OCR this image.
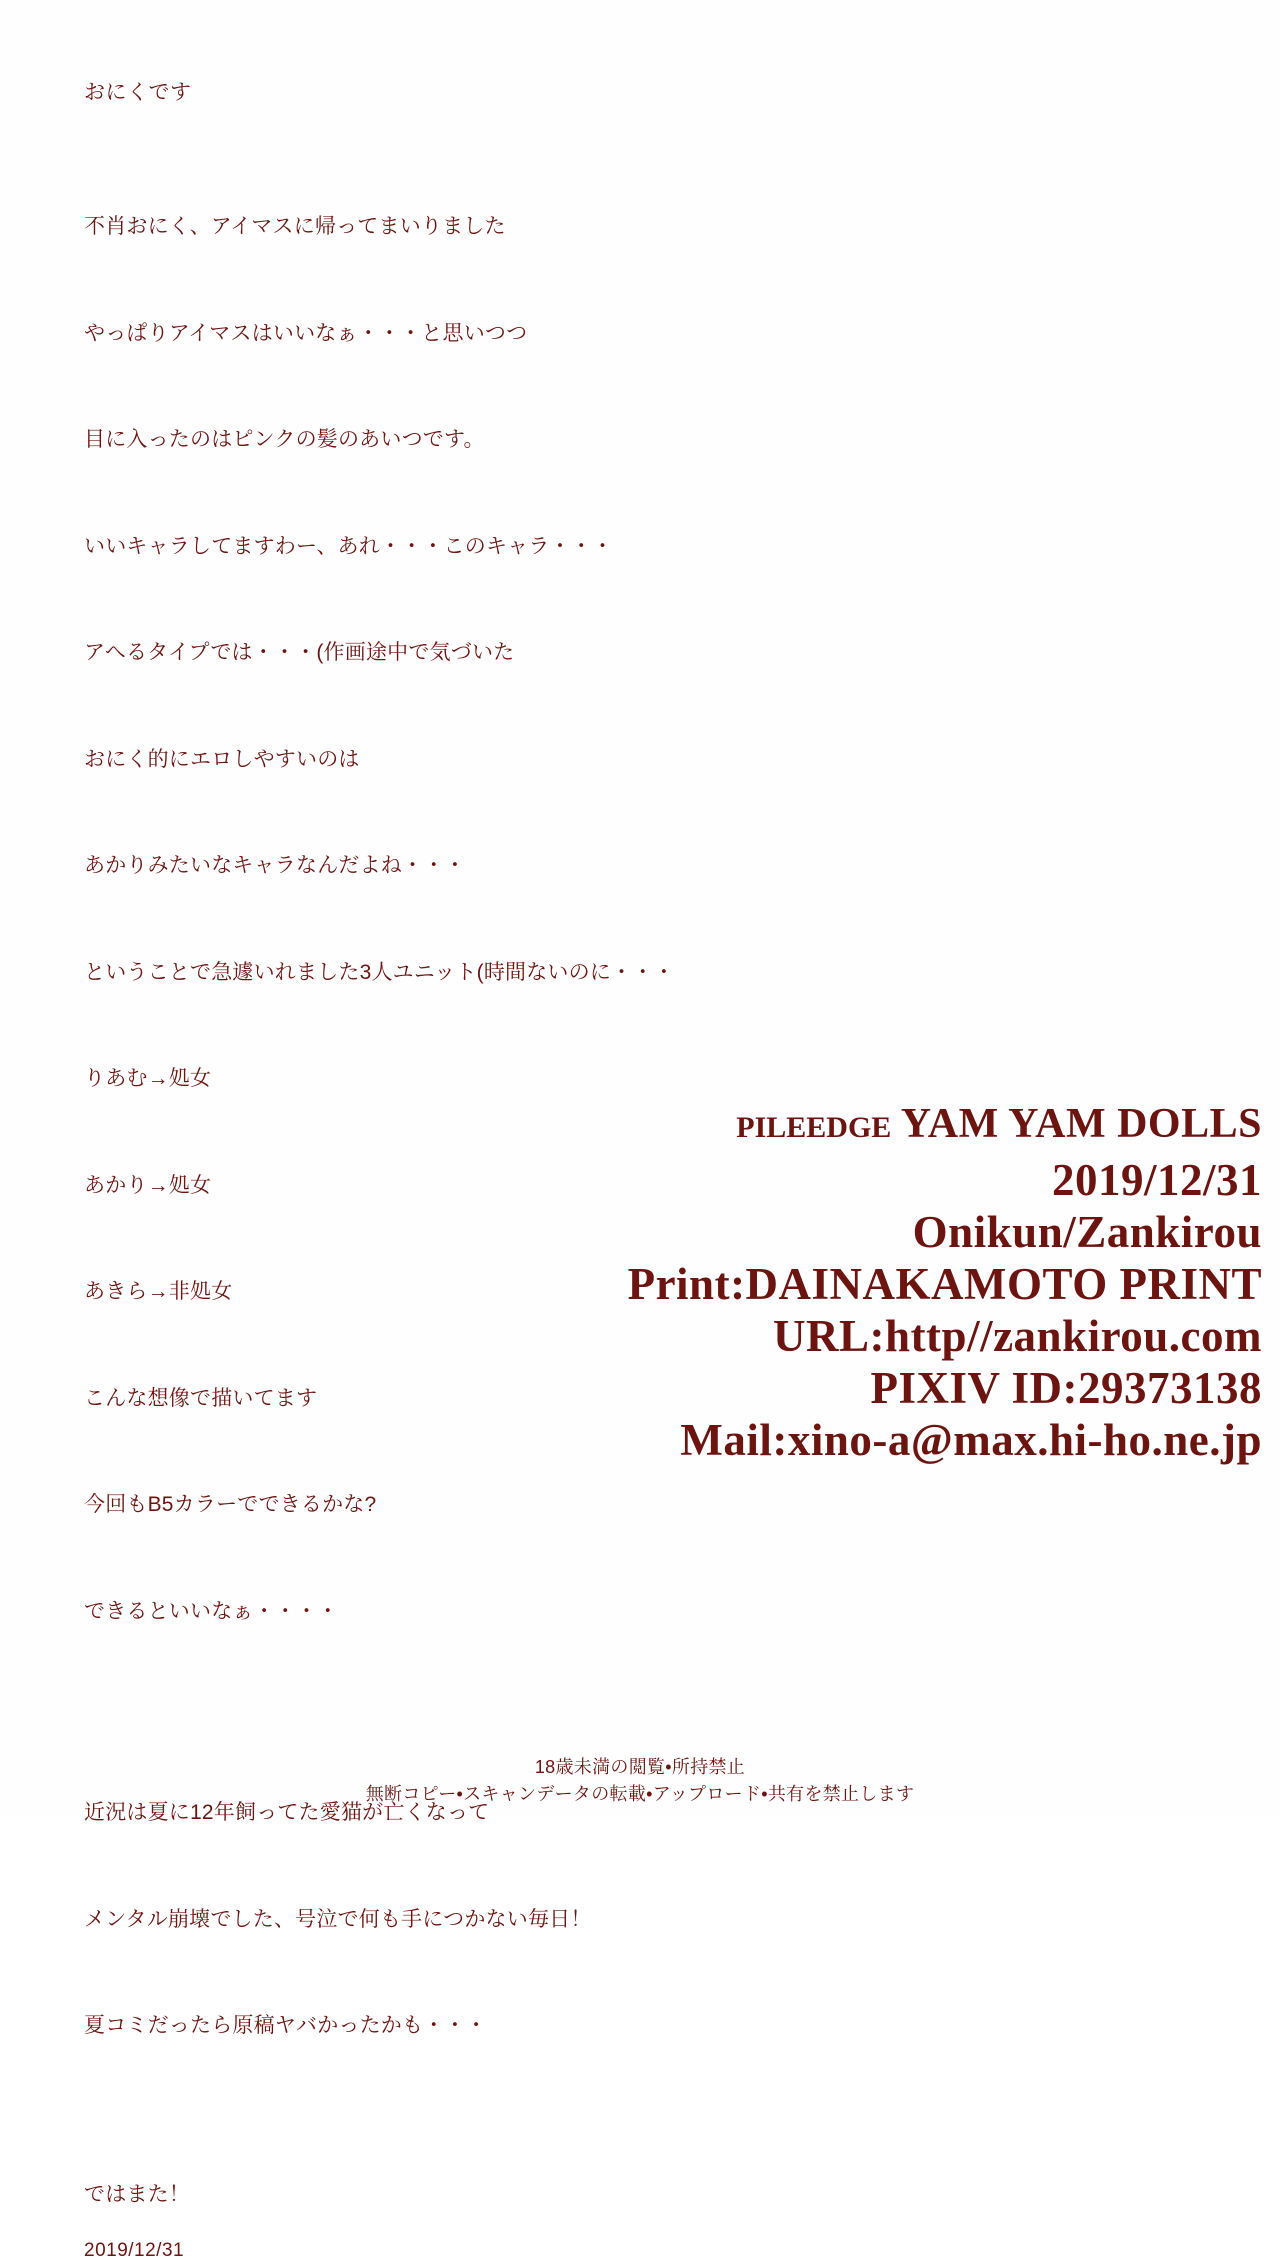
おにくです

不肖おにく、アイマスに帰ってまいりました

やっぱりアイマスはいいなぁ・・・と思いつつ

目に入ったのはピンクの髪のあいつです。

いいキャラしてますわー、あれ・・・このキャラ・・・

アへるタイプでは・・・(作画途中で気づいた

おにく的にエロしやすいのは

あかりみたいなキャラなんだよね・・・

ということで急遽いれました3人ユニット(時間ないのに・・・

りあむ→処女

あかり→処女

あきら→非処女

こんな想像で描いてます

今回もB5カラーでできるかな?

できるといいなぁ・・・・

近況は夏に12年飼ってた愛猫が亡くなって

メンタル崩壊でした、号泣で何も手につかない毎日！

夏コミだったら原稿ヤバかったかも・・・

ではまた！
2019/12/31
PILEEDGE YAM YAM DOLLS
2019/12/31
Onikun/Zankirou
Print:DAINAKAMOTO PRINT
URL:http//zankirou.com
PIXIV ID:29373138
Mail:xino-a@max.hi-ho.ne.jp
18歳未満の閲覧•所持禁止
無断コピー•スキャンデータの転載•アップロード•共有を禁止します
